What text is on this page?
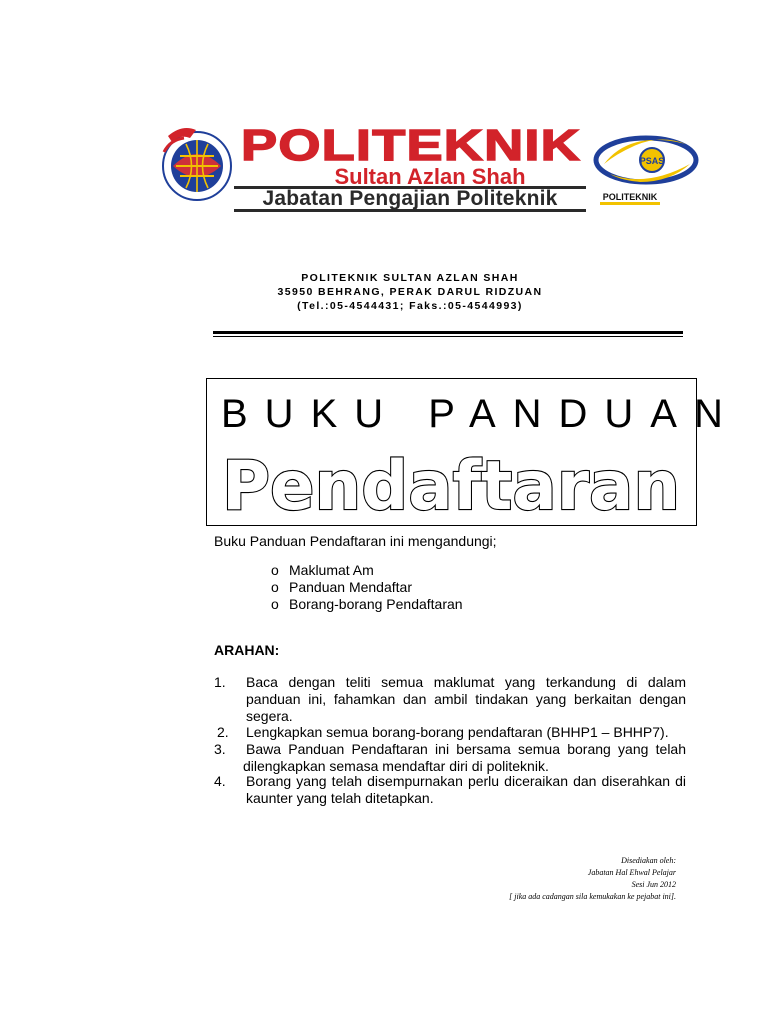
POLITEKNIK
Sultan Azlan Shah
Jabatan Pengajian Politeknik
PSAS
POLITEKNIK
POLITEKNIK SULTAN AZLAN SHAH
35950 BEHRANG, PERAK DARUL RIDZUAN
(Tel.:05-4544431; Faks.:05-4544993)
BUKU PANDUAN
Pendaftaran
Buku Panduan Pendaftaran ini mengandungi;
o Maklumat Am
o Panduan Mendaftar
o Borang-borang Pendaftaran
ARAHAN:
1.	Baca dengan teliti semua maklumat yang terkandung di dalam panduan ini, fahamkan dan ambil tindakan yang berkaitan dengan segera.
2.	Lengkapkan semua borang-borang pendaftaran (BHHP1 – BHHP7).
3.	Bawa Panduan Pendaftaran ini bersama semua borang yang telah
dilengkapkan semasa mendaftar diri di politeknik.
4.	Borang yang telah disempurnakan perlu diceraikan dan diserahkan di kaunter yang telah ditetapkan.
Disediakan oleh:
Jabatan Hal Ehwal Pelajar
Sesi Jun 2012
[ jika ada cadangan sila kemukakan ke pejabat ini].
